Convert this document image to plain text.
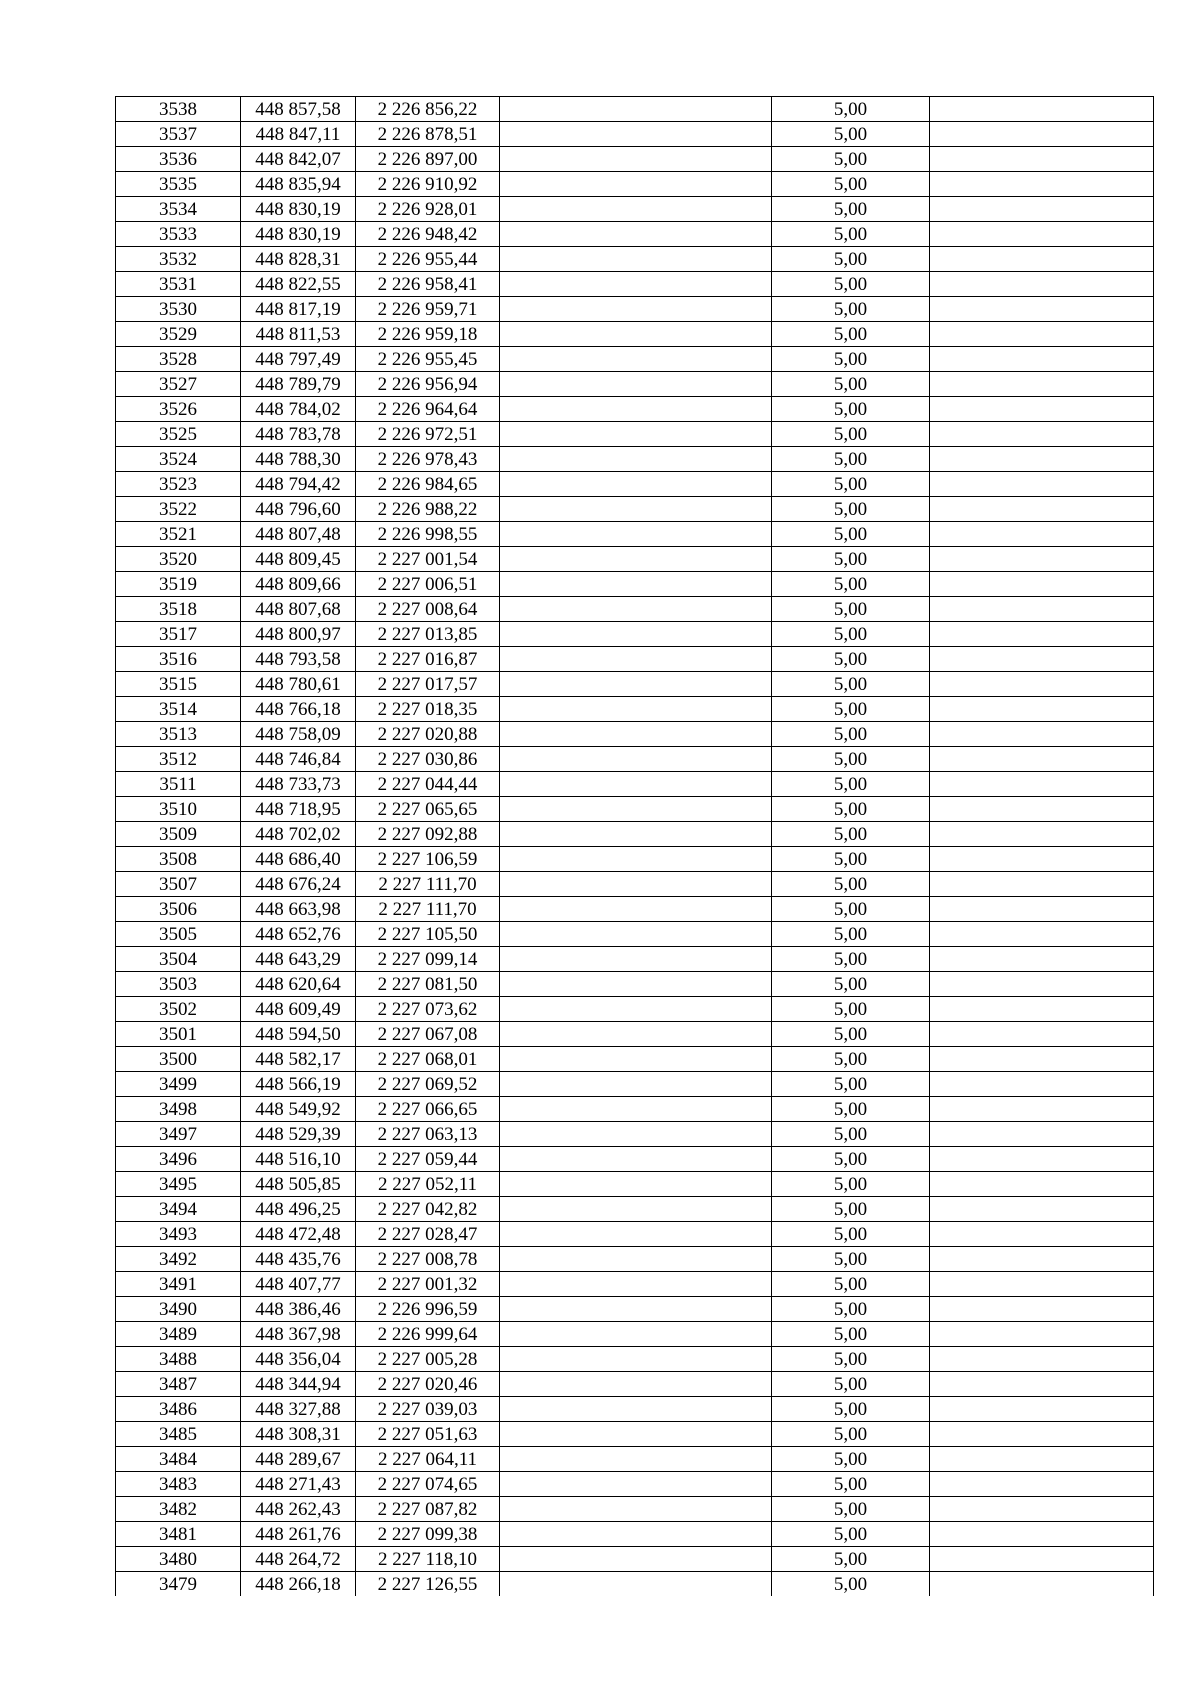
3538	448 857,58	2 226 856,22		5,00	
3537	448 847,11	2 226 878,51		5,00	
3536	448 842,07	2 226 897,00		5,00	
3535	448 835,94	2 226 910,92		5,00	
3534	448 830,19	2 226 928,01		5,00	
3533	448 830,19	2 226 948,42		5,00	
3532	448 828,31	2 226 955,44		5,00	
3531	448 822,55	2 226 958,41		5,00	
3530	448 817,19	2 226 959,71		5,00	
3529	448 811,53	2 226 959,18		5,00	
3528	448 797,49	2 226 955,45		5,00	
3527	448 789,79	2 226 956,94		5,00	
3526	448 784,02	2 226 964,64		5,00	
3525	448 783,78	2 226 972,51		5,00	
3524	448 788,30	2 226 978,43		5,00	
3523	448 794,42	2 226 984,65		5,00	
3522	448 796,60	2 226 988,22		5,00	
3521	448 807,48	2 226 998,55		5,00	
3520	448 809,45	2 227 001,54		5,00	
3519	448 809,66	2 227 006,51		5,00	
3518	448 807,68	2 227 008,64		5,00	
3517	448 800,97	2 227 013,85		5,00	
3516	448 793,58	2 227 016,87		5,00	
3515	448 780,61	2 227 017,57		5,00	
3514	448 766,18	2 227 018,35		5,00	
3513	448 758,09	2 227 020,88		5,00	
3512	448 746,84	2 227 030,86		5,00	
3511	448 733,73	2 227 044,44		5,00	
3510	448 718,95	2 227 065,65		5,00	
3509	448 702,02	2 227 092,88		5,00	
3508	448 686,40	2 227 106,59		5,00	
3507	448 676,24	2 227 111,70		5,00	
3506	448 663,98	2 227 111,70		5,00	
3505	448 652,76	2 227 105,50		5,00	
3504	448 643,29	2 227 099,14		5,00	
3503	448 620,64	2 227 081,50		5,00	
3502	448 609,49	2 227 073,62		5,00	
3501	448 594,50	2 227 067,08		5,00	
3500	448 582,17	2 227 068,01		5,00	
3499	448 566,19	2 227 069,52		5,00	
3498	448 549,92	2 227 066,65		5,00	
3497	448 529,39	2 227 063,13		5,00	
3496	448 516,10	2 227 059,44		5,00	
3495	448 505,85	2 227 052,11		5,00	
3494	448 496,25	2 227 042,82		5,00	
3493	448 472,48	2 227 028,47		5,00	
3492	448 435,76	2 227 008,78		5,00	
3491	448 407,77	2 227 001,32		5,00	
3490	448 386,46	2 226 996,59		5,00	
3489	448 367,98	2 226 999,64		5,00	
3488	448 356,04	2 227 005,28		5,00	
3487	448 344,94	2 227 020,46		5,00	
3486	448 327,88	2 227 039,03		5,00	
3485	448 308,31	2 227 051,63		5,00	
3484	448 289,67	2 227 064,11		5,00	
3483	448 271,43	2 227 074,65		5,00	
3482	448 262,43	2 227 087,82		5,00	
3481	448 261,76	2 227 099,38		5,00	
3480	448 264,72	2 227 118,10		5,00	
3479	448 266,18	2 227 126,55		5,00	
